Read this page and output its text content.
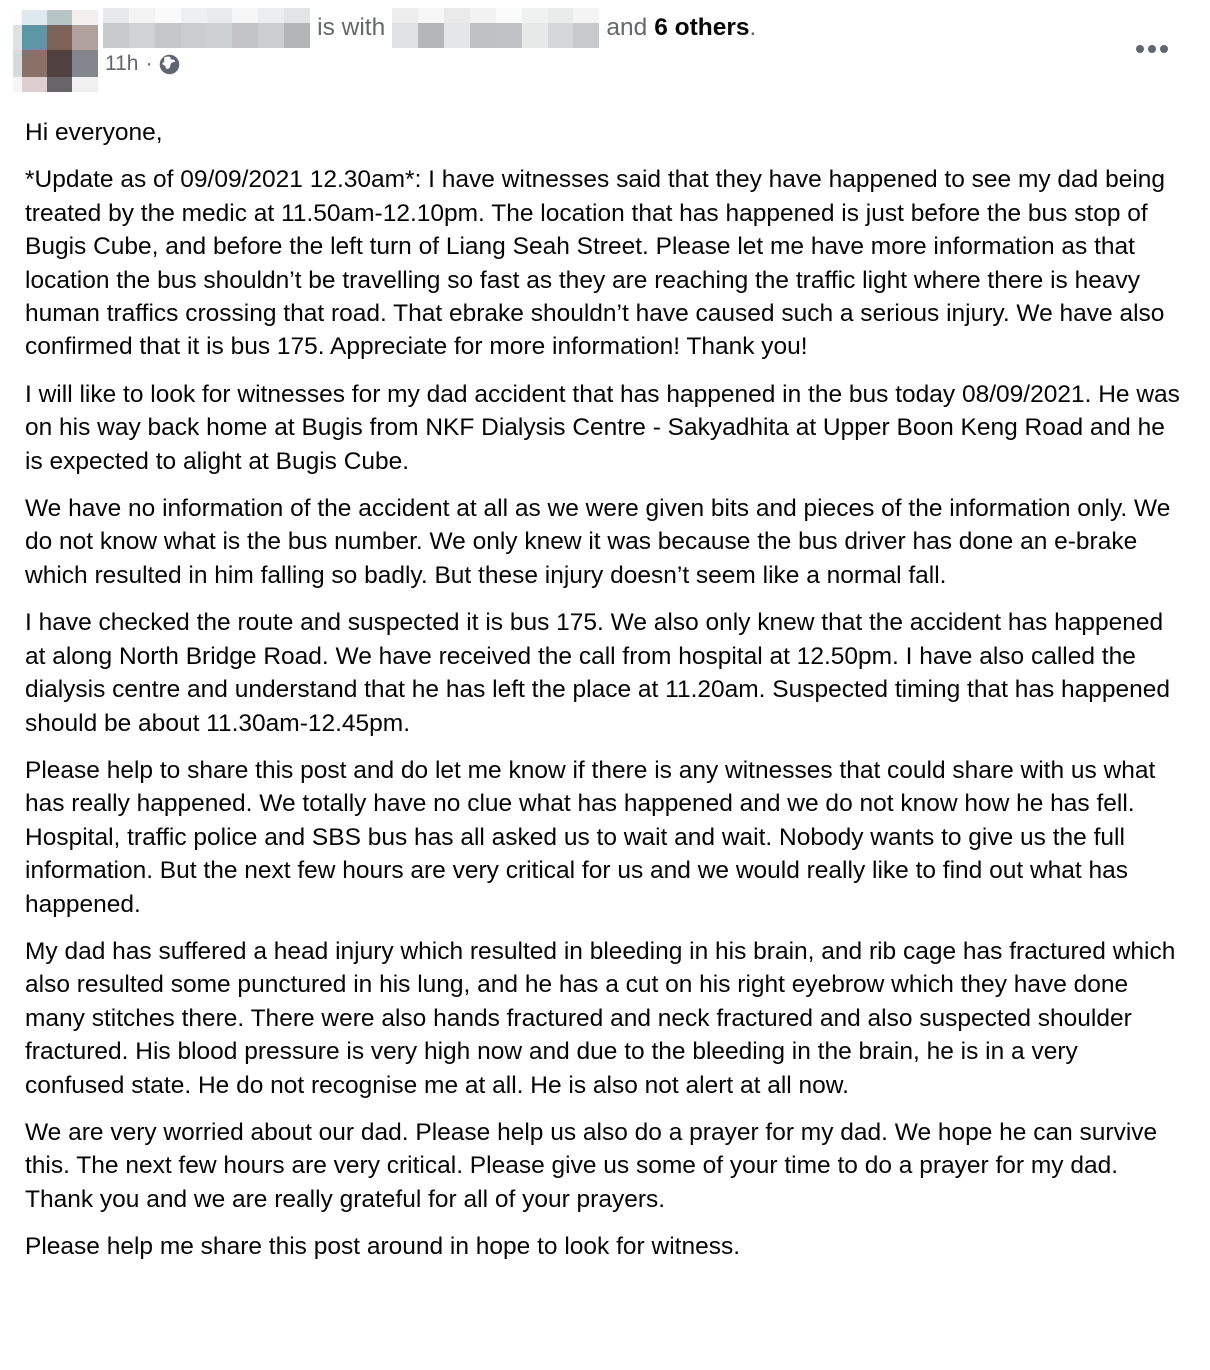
is with	and 6 others .
11h ·

Hi everyone,

*Update as of 09/09/2021 12.30am*: I have witnesses said that they have happened to see my dad being treated by the medic at 11.50am-12.10pm. The location that has happened is just before the bus stop of Bugis Cube, and before the left turn of Liang Seah Street. Please let me have more information as that location the bus shouldn’t be travelling so fast as they are reaching the traffic light where there is heavy human traffics crossing that road. That ebrake shouldn’t have caused such a serious injury. We have also confirmed that it is bus 175. Appreciate for more information! Thank you!

I will like to look for witnesses for my dad accident that has happened in the bus today 08/09/2021. He was on his way back home at Bugis from NKF Dialysis Centre - Sakyadhita at Upper Boon Keng Road and he is expected to alight at Bugis Cube.

We have no information of the accident at all as we were given bits and pieces of the information only. We do not know what is the bus number. We only knew it was because the bus driver has done an e-brake which resulted in him falling so badly. But these injury doesn’t seem like a normal fall.

I have checked the route and suspected it is bus 175. We also only knew that the accident has happened at along North Bridge Road. We have received the call from hospital at 12.50pm. I have also called the dialysis centre and understand that he has left the place at 11.20am. Suspected timing that has happened should be about 11.30am-12.45pm.

Please help to share this post and do let me know if there is any witnesses that could share with us what has really happened. We totally have no clue what has happened and we do not know how he has fell. Hospital, traffic police and SBS bus has all asked us to wait and wait. Nobody wants to give us the full information. But the next few hours are very critical for us and we would really like to find out what has happened.

My dad has suffered a head injury which resulted in bleeding in his brain, and rib cage has fractured which also resulted some punctured in his lung, and he has a cut on his right eyebrow which they have done many stitches there. There were also hands fractured and neck fractured and also suspected shoulder fractured. His blood pressure is very high now and due to the bleeding in the brain, he is in a very confused state. He do not recognise me at all. He is also not alert at all now.

We are very worried about our dad. Please help us also do a prayer for my dad. We hope he can survive this. The next few hours are very critical. Please give us some of your time to do a prayer for my dad. Thank you and we are really grateful for all of your prayers.

Please help me share this post around in hope to look for witness.
